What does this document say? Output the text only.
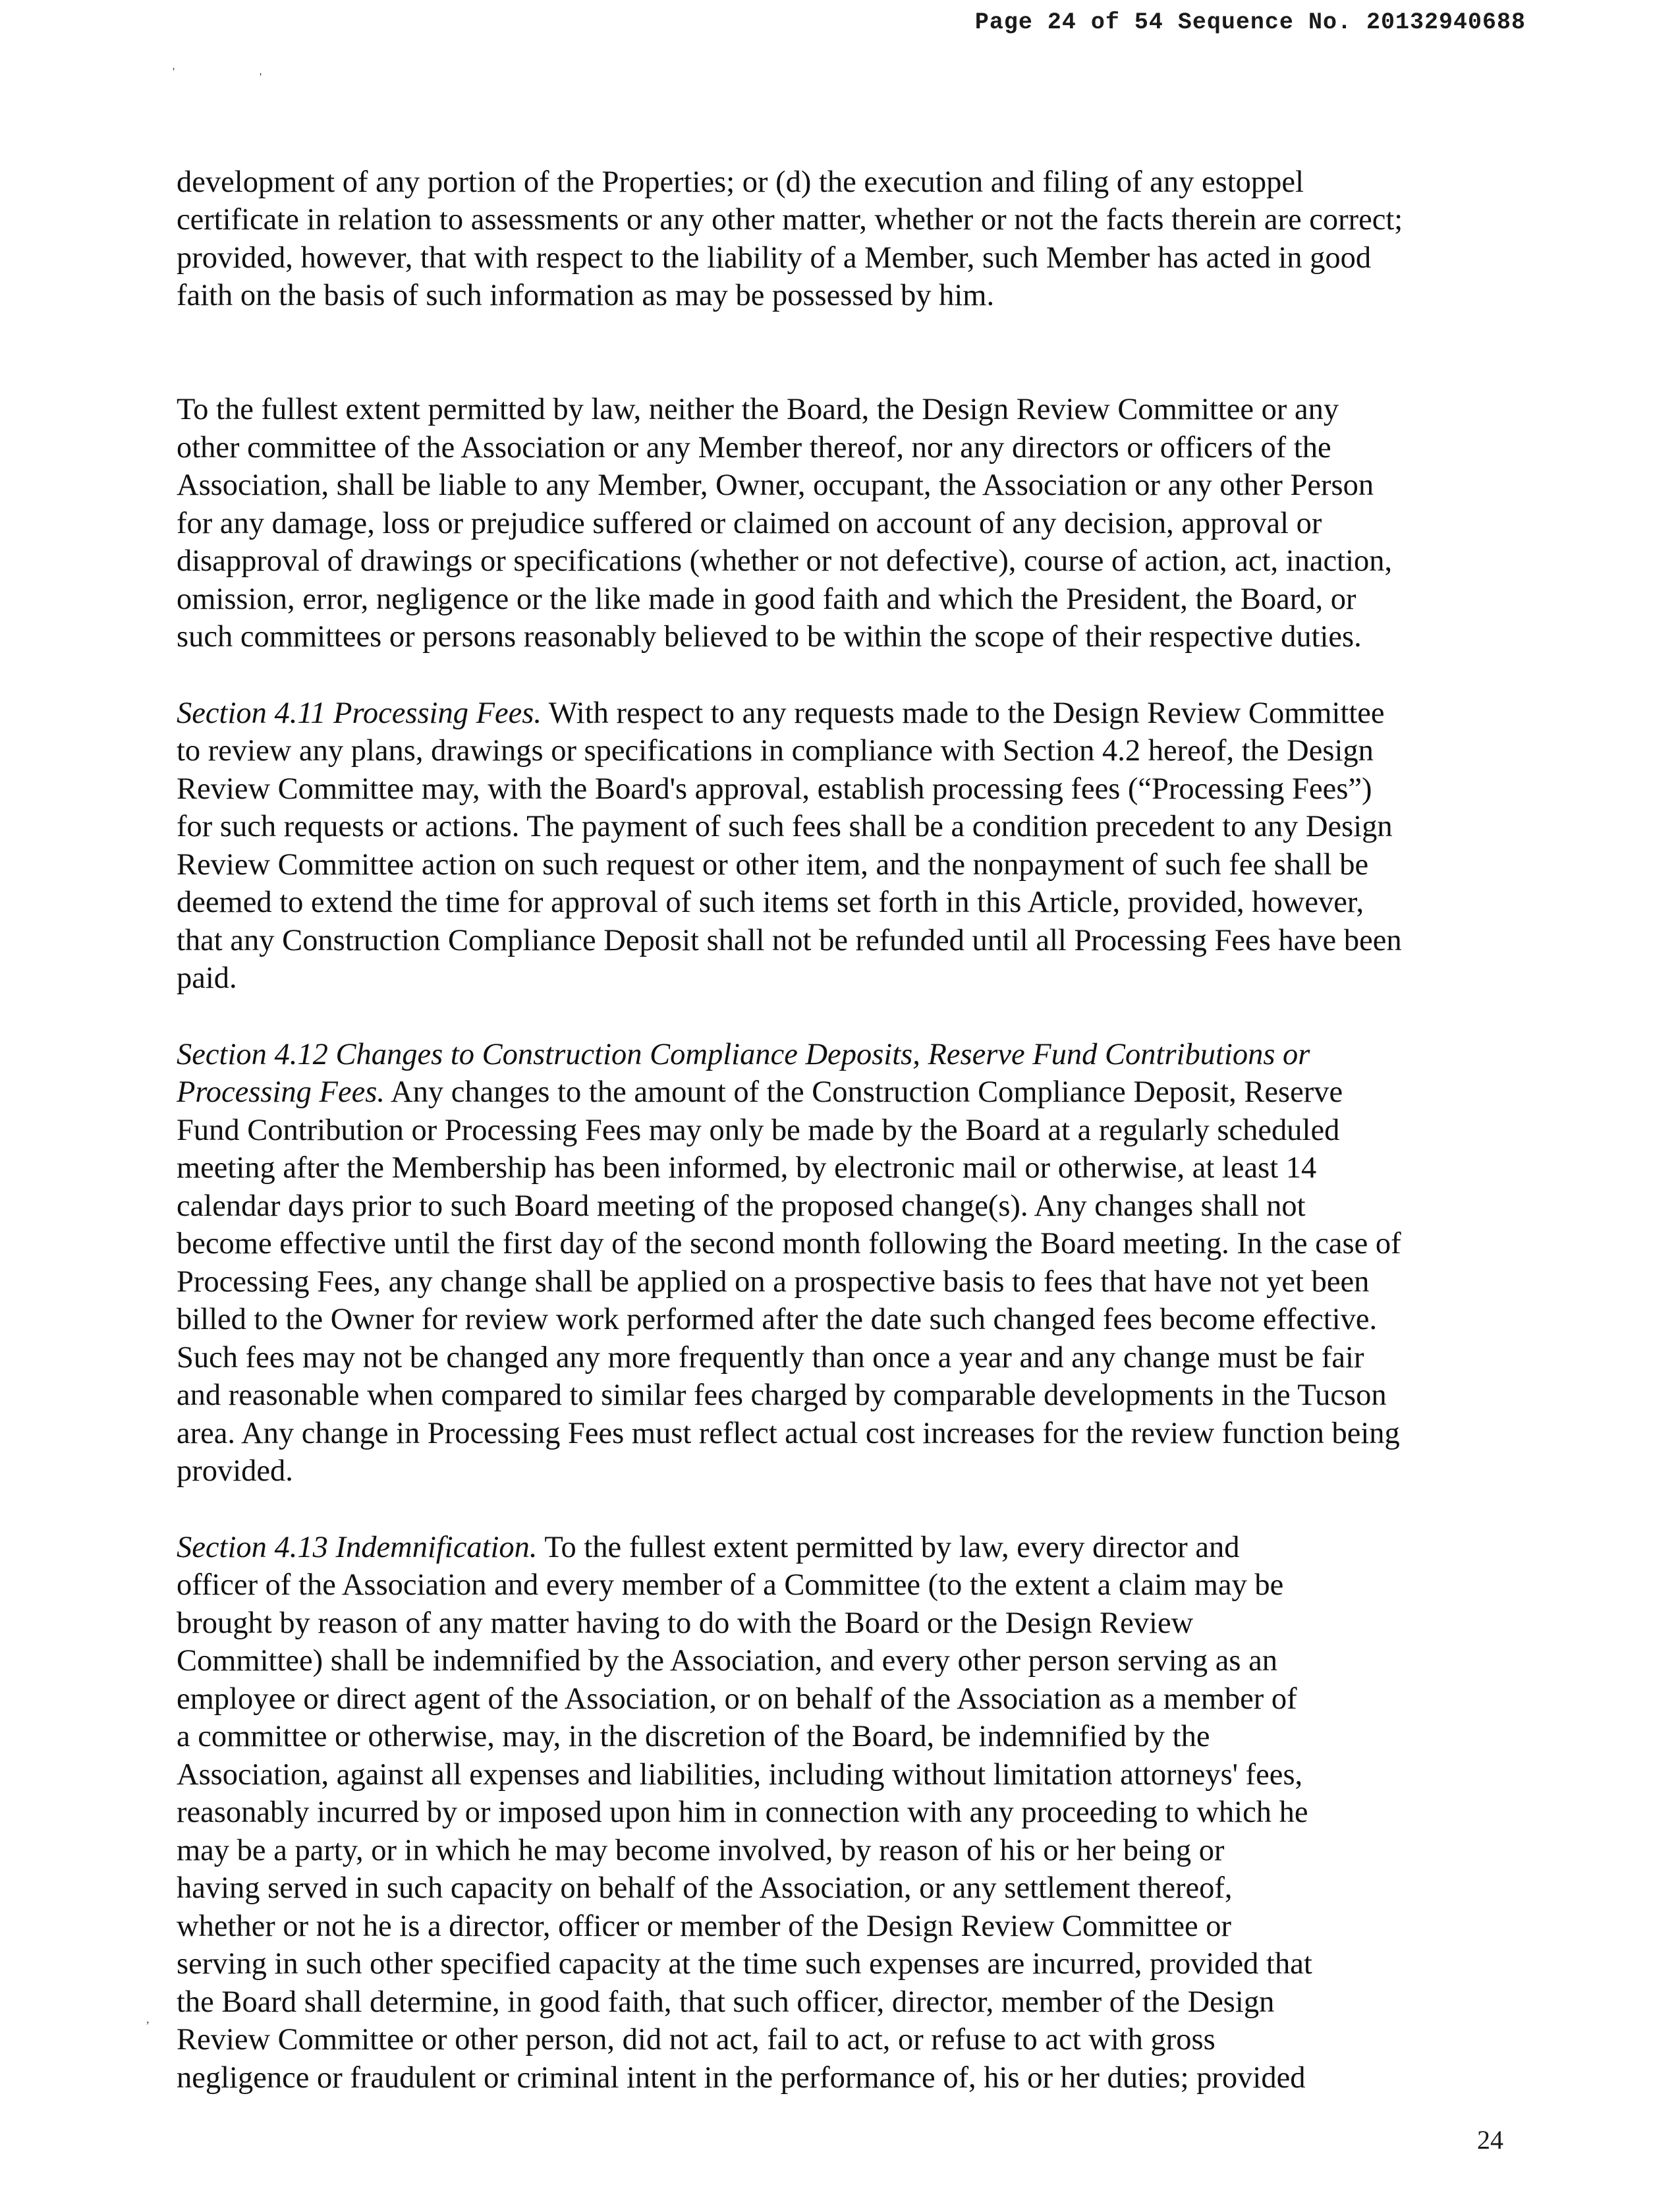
Page 24 of 54 Sequence No. 20132940688
'	'
,

development of any portion of the Properties; or (d) the execution and filing of any estoppel
certificate in relation to assessments or any other matter, whether or not the facts therein are correct;
provided, however, that with respect to the liability of a Member, such Member has acted in good
faith on the basis of such information as may be possessed by him.

To the fullest extent permitted by law, neither the Board, the Design Review Committee or any
other committee of the Association or any Member thereof, nor any directors or officers of the
Association, shall be liable to any Member, Owner, occupant, the Association or any other Person
for any damage, loss or prejudice suffered or claimed on account of any decision, approval or
disapproval of drawings or specifications (whether or not defective), course of action, act, inaction,
omission, error, negligence or the like made in good faith and which the President, the Board, or
such committees or persons reasonably believed to be within the scope of their respective duties.

Section 4.11 Processing Fees. With respect to any requests made to the Design Review Committee
to review any plans, drawings or specifications in compliance with Section 4.2 hereof, the Design
Review Committee may, with the Board's approval, establish processing fees (“Processing Fees”)
for such requests or actions. The payment of such fees shall be a condition precedent to any Design
Review Committee action on such request or other item, and the nonpayment of such fee shall be
deemed to extend the time for approval of such items set forth in this Article, provided, however,
that any Construction Compliance Deposit shall not be refunded until all Processing Fees have been
paid.

Section 4.12 Changes to Construction Compliance Deposits, Reserve Fund Contributions or
Processing Fees. Any changes to the amount of the Construction Compliance Deposit, Reserve
Fund Contribution or Processing Fees may only be made by the Board at a regularly scheduled
meeting after the Membership has been informed, by electronic mail or otherwise, at least 14
calendar days prior to such Board meeting of the proposed change(s). Any changes shall not
become effective until the first day of the second month following the Board meeting. In the case of
Processing Fees, any change shall be applied on a prospective basis to fees that have not yet been
billed to the Owner for review work performed after the date such changed fees become effective.
Such fees may not be changed any more frequently than once a year and any change must be fair
and reasonable when compared to similar fees charged by comparable developments in the Tucson
area. Any change in Processing Fees must reflect actual cost increases for the review function being
provided.

Section 4.13 Indemnification. To the fullest extent permitted by law, every director and
officer of the Association and every member of a Committee (to the extent a claim may be
brought by reason of any matter having to do with the Board or the Design Review
Committee) shall be indemnified by the Association, and every other person serving as an
employee or direct agent of the Association, or on behalf of the Association as a member of
a committee or otherwise, may, in the discretion of the Board, be indemnified by the
Association, against all expenses and liabilities, including without limitation attorneys' fees,
reasonably incurred by or imposed upon him in connection with any proceeding to which he
may be a party, or in which he may become involved, by reason of his or her being or
having served in such capacity on behalf of the Association, or any settlement thereof,
whether or not he is a director, officer or member of the Design Review Committee or
serving in such other specified capacity at the time such expenses are incurred, provided that
the Board shall determine, in good faith, that such officer, director, member of the Design
Review Committee or other person, did not act, fail to act, or refuse to act with gross
negligence or fraudulent or criminal intent in the performance of, his or her duties; provided

24
